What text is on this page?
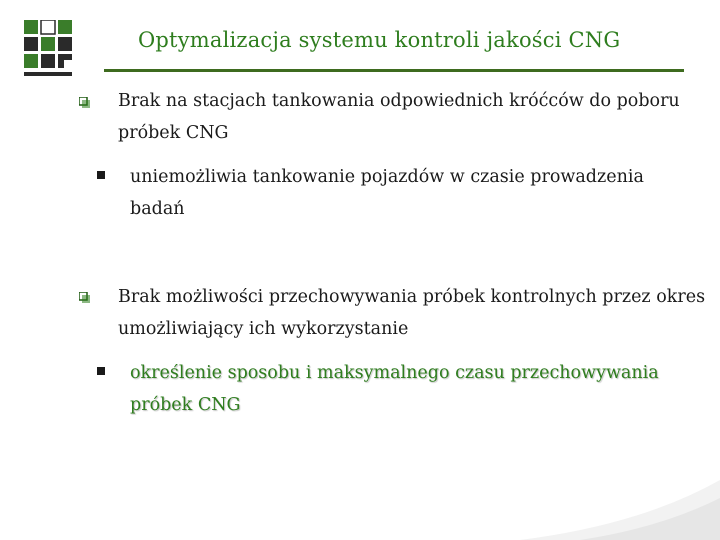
Optymalizacja systemu kontroli jakości CNG
Brak na stacjach tankowania odpowiednich króćców do poboru próbek CNG
uniemożliwia tankowanie pojazdów w czasie prowadzenia badań
Brak możliwości przechowywania próbek kontrolnych przez okres umożliwiający ich wykorzystanie
określenie sposobu i maksymalnego czasu przechowywania próbek CNG
